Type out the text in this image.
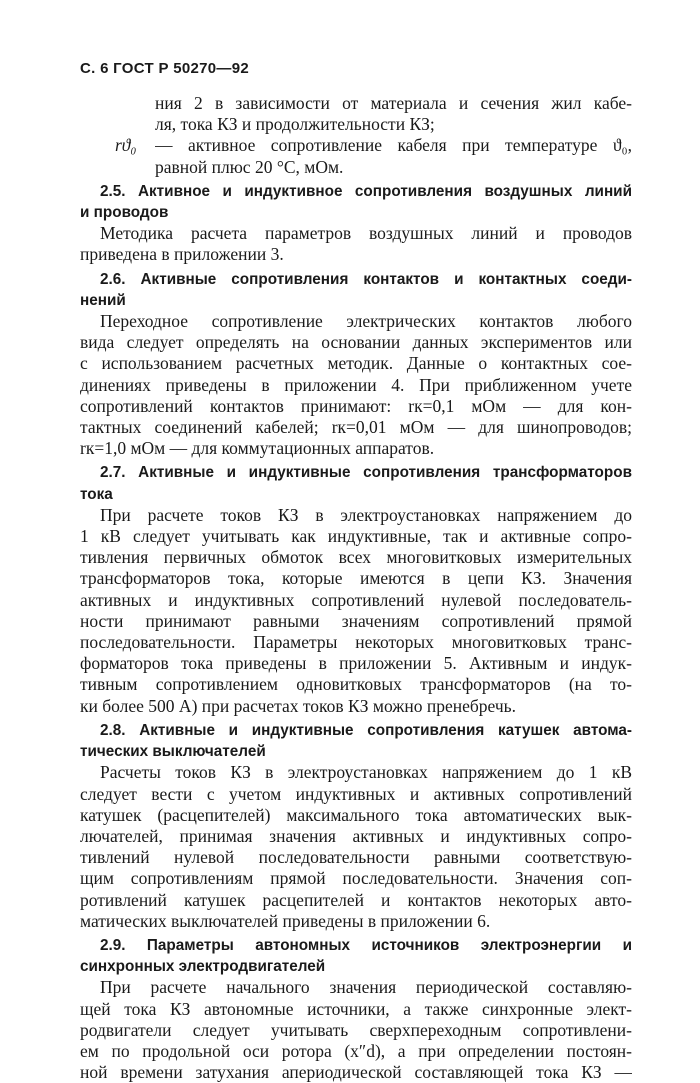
С. 6 ГОСТ Р 50270—92
ния 2 в зависимости от материала и сечения жил кабе-
ля, тока КЗ и продолжительности КЗ;
rϑ₀	— активное сопротивление кабеля при температуре ϑ₀,
равной плюс 20 °С, мОм.
2.5. Активное и индуктивное сопротивления воздушных линий
и проводов
Методика расчета параметров воздушных линий и проводов
приведена в приложении 3.
2.6. Активные сопротивления контактов и контактных соеди-
нений
Переходное сопротивление электрических контактов любого
вида следует определять на основании данных экспериментов или
с использованием расчетных методик. Данные о контактных сое-
динениях приведены в приложении 4. При приближенном учете
сопротивлений контактов принимают: rк=0,1 мОм — для кон-
тактных соединений кабелей; rк=0,01 мОм — для шинопроводов;
rк=1,0 мОм — для коммутационных аппаратов.
2.7. Активные и индуктивные сопротивления трансформаторов
тока
При расчете токов КЗ в электроустановках напряжением до
1 кВ следует учитывать как индуктивные, так и активные сопро-
тивления первичных обмоток всех многовитковых измерительных
трансформаторов тока, которые имеются в цепи КЗ. Значения
активных и индуктивных сопротивлений нулевой последователь-
ности принимают равными значениям сопротивлений прямой
последовательности. Параметры некоторых многовитковых транс-
форматоров тока приведены в приложении 5. Активным и индук-
тивным сопротивлением одновитковых трансформаторов (на то-
ки более 500 А) при расчетах токов КЗ можно пренебречь.
2.8. Активные и индуктивные сопротивления катушек автома-
тических выключателей
Расчеты токов КЗ в электроустановках напряжением до 1 кВ
следует вести с учетом индуктивных и активных сопротивлений
катушек (расцепителей) максимального тока автоматических вык-
лючателей, принимая значения активных и индуктивных сопро-
тивлений нулевой последовательности равными соответствую-
щим сопротивлениям прямой последовательности. Значения соп-
ротивлений катушек расцепителей и контактов некоторых авто-
матических выключателей приведены в приложении 6.
2.9. Параметры автономных источников электроэнергии и
синхронных электродвигателей
При расчете начального значения периодической составляю-
щей тока КЗ автономные источники, а также синхронные элект-
родвигатели следует учитывать сверхпереходным сопротивлени-
ем по продольной оси ротора (x″d), а при определении постоян-
ной времени затухания апериодической составляющей тока КЗ —
